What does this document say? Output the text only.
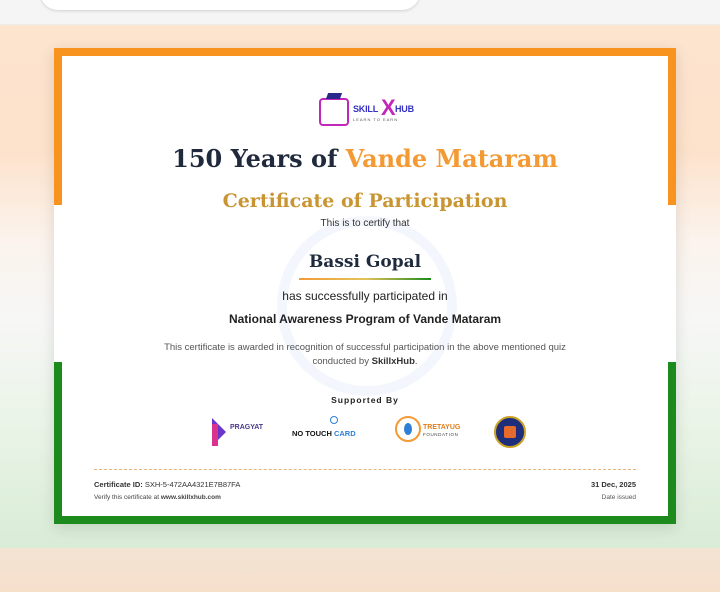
SKILL X HUB
LEARN TO EARN
150 Years of Vande Mataram
Certificate of Participation
This is to certify that
Bassi Gopal
has successfully participated in
National Awareness Program of Vande Mataram
This certificate is awarded in recognition of successful participation in the above mentioned quiz conducted by SkillxHub.
Supported By
PRAGYAT
NO TOUCH CARD
TRETAYUG
FOUNDATION
Certificate ID: SXH-5-472AA4321E7B87FA
Verify this certificate at www.skillxhub.com
31 Dec, 2025
Date issued
